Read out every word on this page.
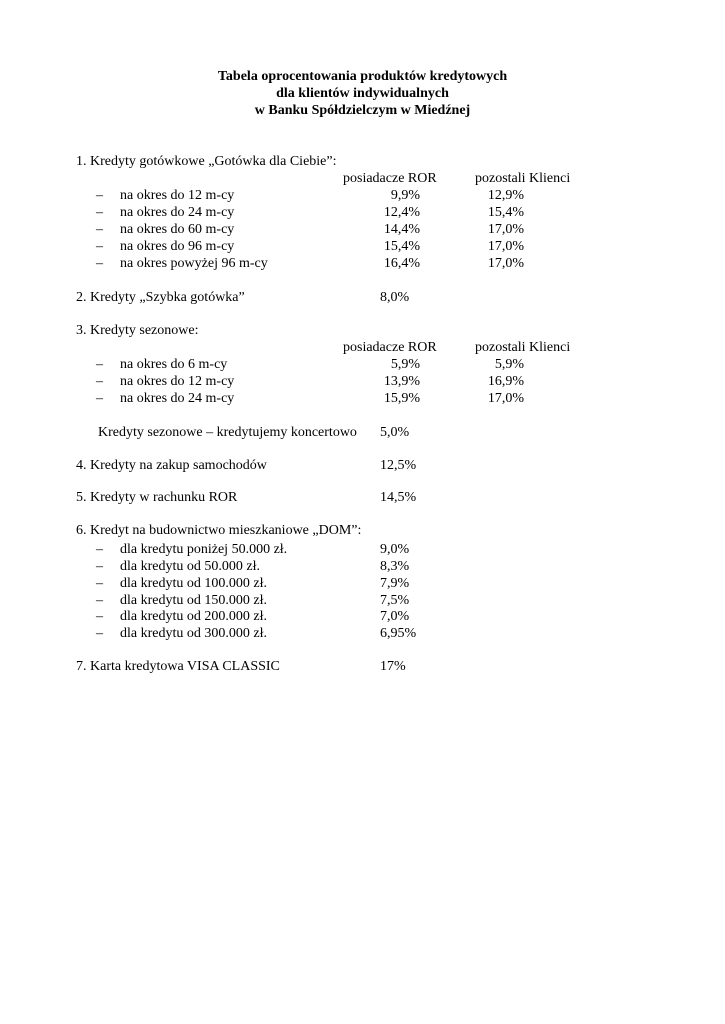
Tabela oprocentowania produktów kredytowych
dla klientów indywidualnych
w Banku Spółdzielczym w Miedźnej
1. Kredyty gotówkowe „Gotówka dla Ciebie”:
posiadacze ROR	pozostali Klienci
– na okres do 12 m-cy	9,9%	12,9%
– na okres do 24 m-cy	12,4%	15,4%
– na okres do 60 m-cy	14,4%	17,0%
– na okres do 96 m-cy	15,4%	17,0%
– na okres powyżej 96 m-cy	16,4%	17,0%
2. Kredyty „Szybka gotówka”	8,0%
3. Kredyty sezonowe:
posiadacze ROR	pozostali Klienci
– na okres do 6 m-cy	5,9%	5,9%
– na okres do 12 m-cy	13,9%	16,9%
– na okres do 24 m-cy	15,9%	17,0%
Kredyty sezonowe – kredytujemy koncertowo 5,0%
4. Kredyty na zakup samochodów	12,5%
5. Kredyty w rachunku ROR	14,5%
6. Kredyt na budownictwo mieszkaniowe „DOM”:
– dla kredytu poniżej 50.000 zł.	9,0%
– dla kredytu od 50.000 zł.	8,3%
– dla kredytu od 100.000 zł.	7,9%
– dla kredytu od 150.000 zł.	7,5%
– dla kredytu od 200.000 zł.	7,0%
– dla kredytu od 300.000 zł.	6,95%
7. Karta kredytowa VISA CLASSIC	17%
